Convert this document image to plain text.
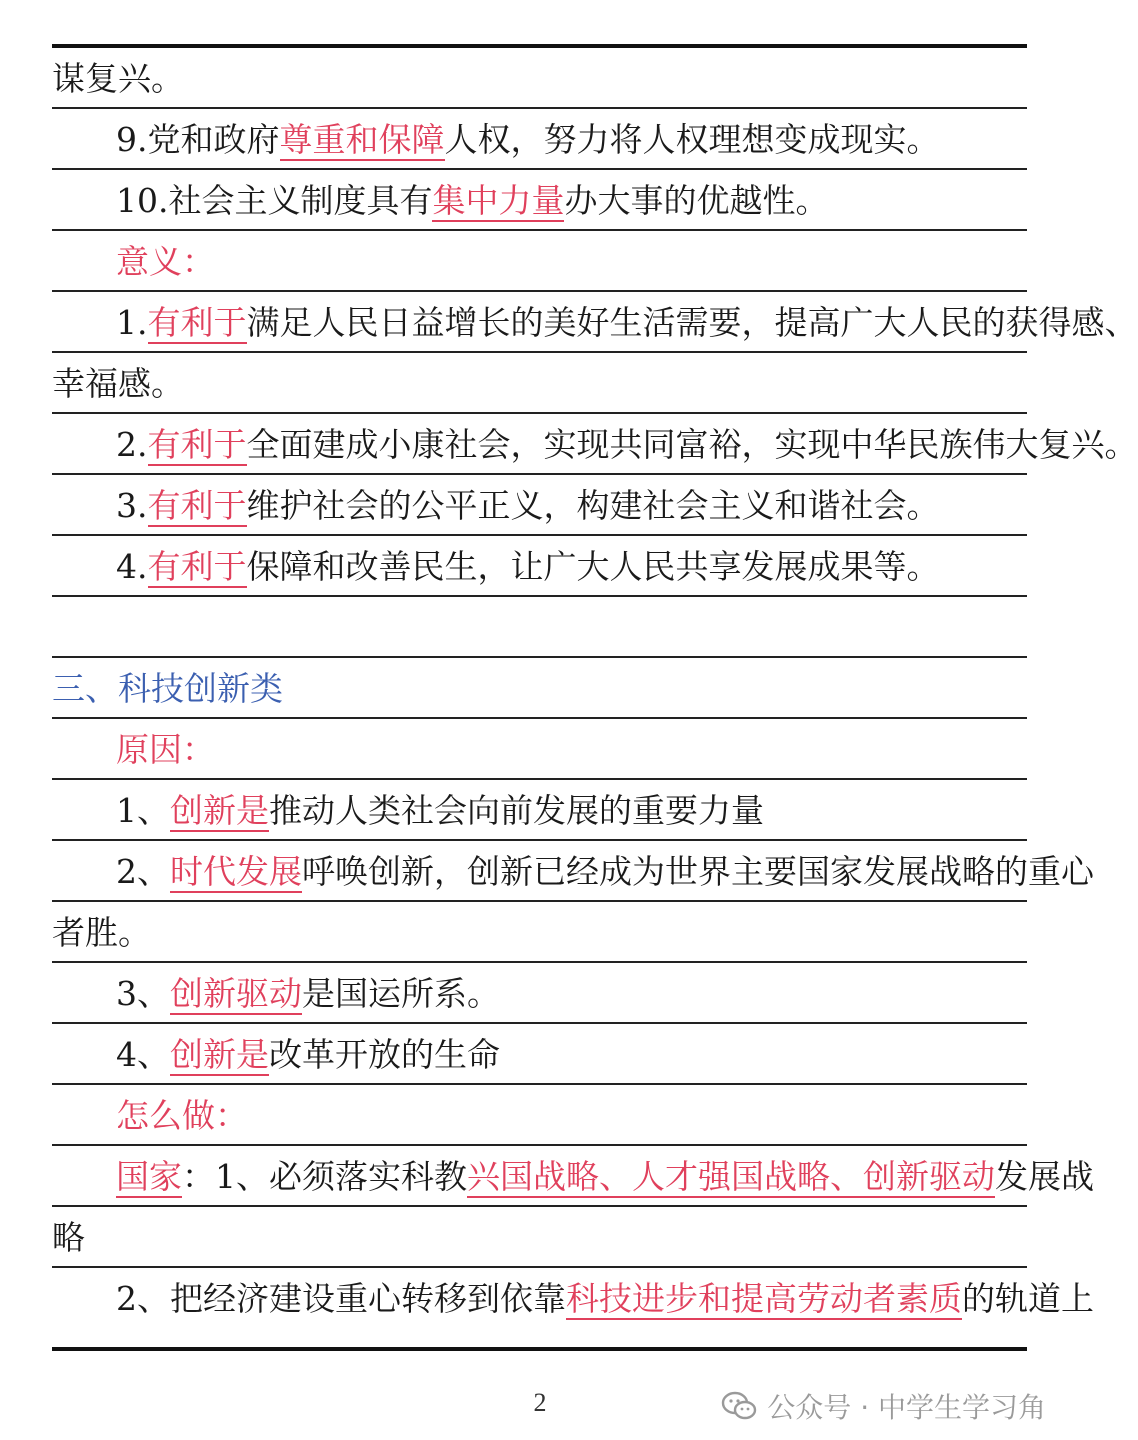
谋复兴。
9.党和政府尊重和保障人权，努力将人权理想变成现实。
10.社会主义制度具有集中力量办大事的优越性。
意义：
1.有利于满足人民日益增长的美好生活需要，提高广大人民的获得感、
幸福感。
2.有利于全面建成小康社会，实现共同富裕，实现中华民族伟大复兴。
3.有利于维护社会的公平正义，构建社会主义和谐社会。
4.有利于保障和改善民生，让广大人民共享发展成果等。
三、科技创新类
原因：
1、创新是推动人类社会向前发展的重要力量
2、时代发展呼唤创新，创新已经成为世界主要国家发展战略的重心
者胜。
3、创新驱动是国运所系。
4、创新是改革开放的生命
怎么做：
国家：1、必须落实科教兴国战略、人才强国战略、创新驱动发展战
略
2、把经济建设重心转移到依靠科技进步和提高劳动者素质的轨道上
2	公众号 · 中学生学习角
